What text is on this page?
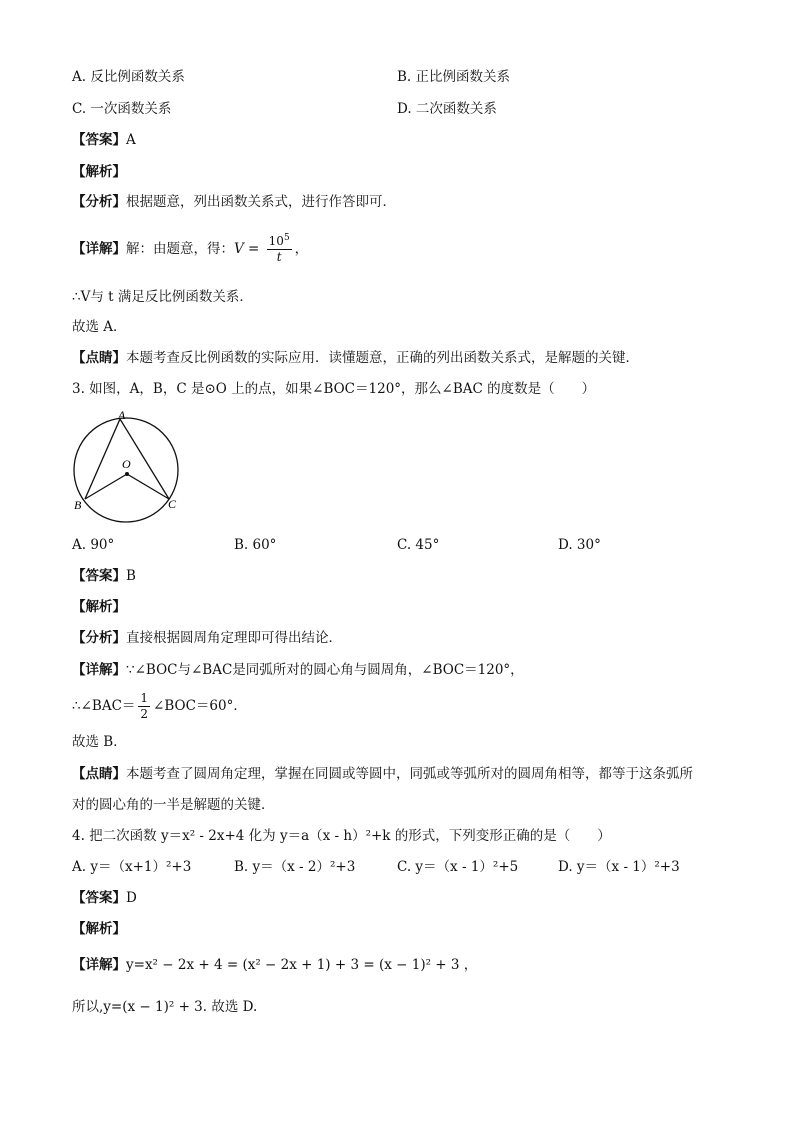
A. 反比例函数关系	B. 正比例函数关系
C. 一次函数关系	D. 二次函数关系
【答案】A
【解析】
【分析】根据题意，列出函数关系式，进行作答即可．
【详解】解：由题意，得：$V = \frac{10^5}{t}$ ，
∴V与 t 满足反比例函数关系．
故选 A．
【点睛】本题考查反比例函数的实际应用．读懂题意，正确的列出函数关系式，是解题的关键．
3. 如图，A，B，C 是⊙O 上的点，如果∠BOC＝120°，那么∠BAC 的度数是（　　）
A
O
B	C
A. 90°	B. 60°	C. 45°	D. 30°
【答案】B
【解析】
【分析】直接根据圆周角定理即可得出结论．
【详解】∵∠BOC与∠BAC是同弧所对的圆心角与圆周角，∠BOC＝120°，
∴∠BAC＝ $\frac{1}{2}$ ∠BOC＝60°．
故选 B．
【点睛】本题考查了圆周角定理，掌握在同圆或等圆中，同弧或等弧所对的圆周角相等，都等于这条弧所
对的圆心角的一半是解题的关键．
4. 把二次函数 y＝x² - 2x+4 化为 y＝a（x - h）²+k 的形式，下列变形正确的是（　　）
A. y＝（x+1）²+3	B. y＝（x - 2）²+3	C. y＝（x - 1）²+5	D. y＝（x - 1）²+3
【答案】D
【解析】
【详解】y=x² − 2x + 4 = (x² − 2x + 1) + 3 = (x − 1)² + 3 ，
所以,y=(x − 1)² + 3. 故选 D.
